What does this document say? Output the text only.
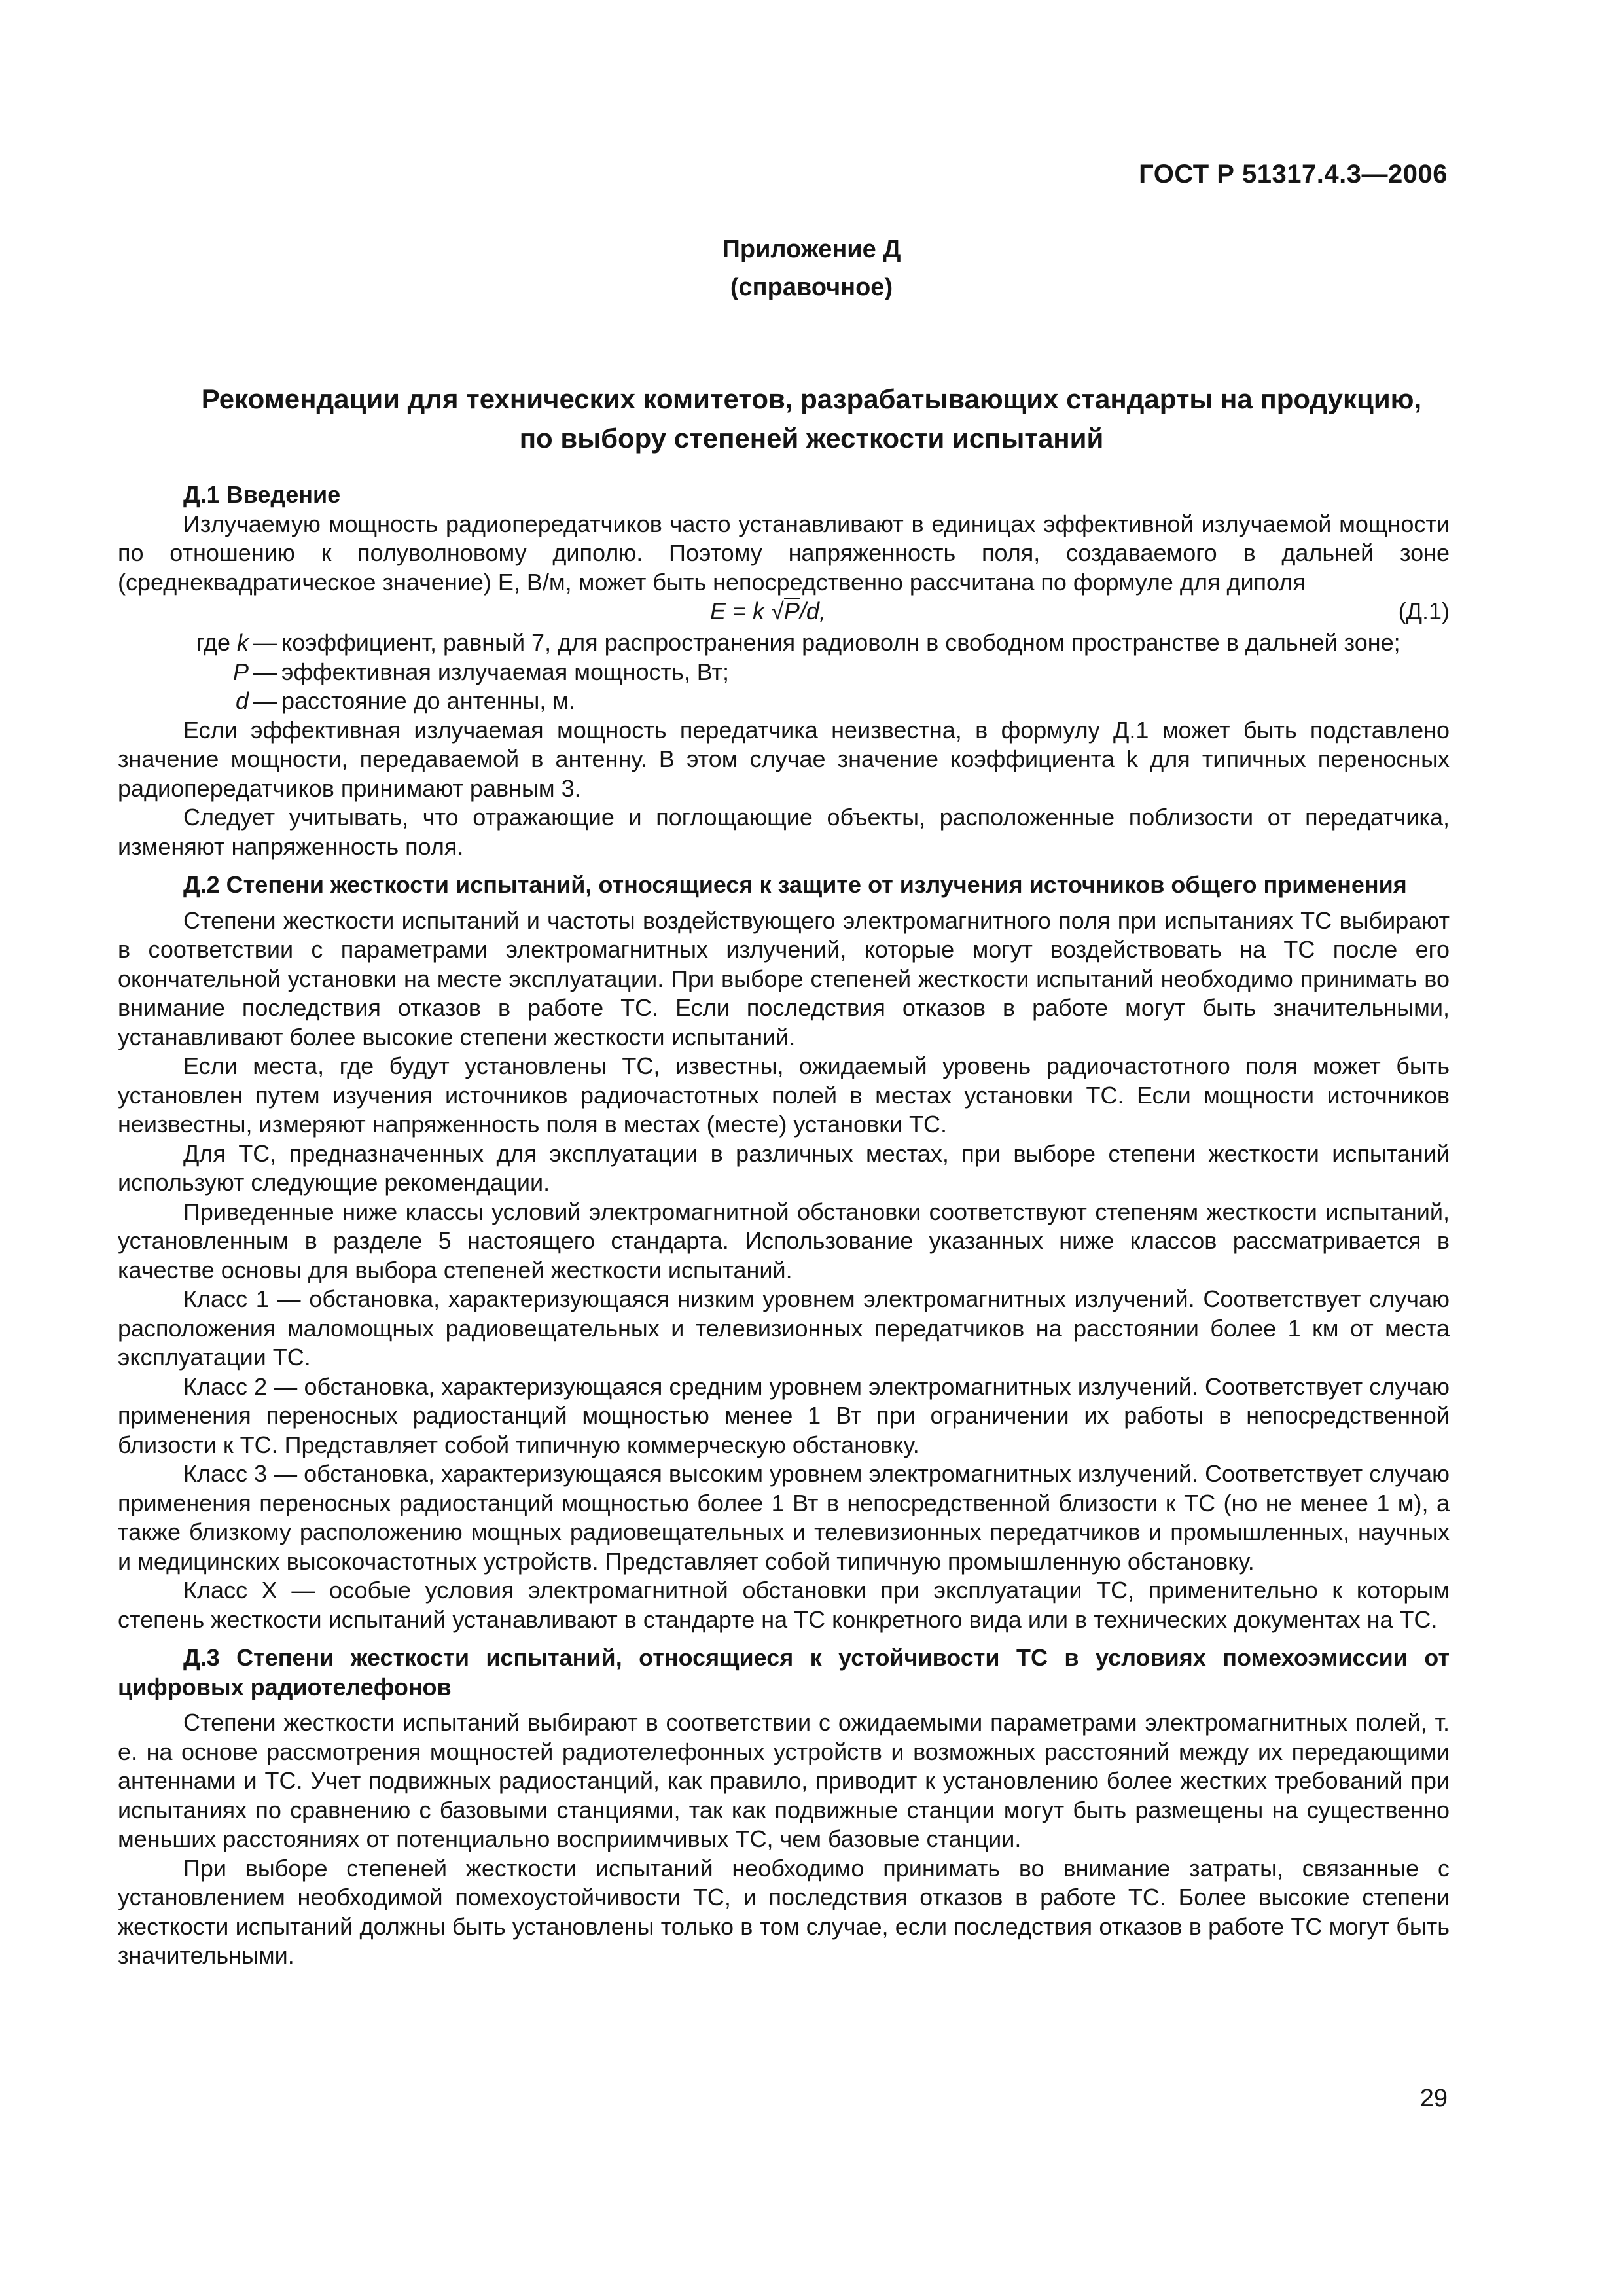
ГОСТ Р 51317.4.3—2006
Приложение Д
(справочное)
Рекомендации для технических комитетов, разрабатывающих стандарты на продукцию,
по выбору степеней жесткости испытаний
Д.1 Введение

Излучаемую мощность радиопередатчиков часто устанавливают в единицах эффективной излучаемой мощности по отношению к полуволновому диполю. Поэтому напряженность поля, создаваемого в дальней зоне (среднеквадратическое значение) E, В/м, может быть непосредственно рассчитана по формуле для диполя

E = k √P/d,	(Д.1)
где k — коэффициент, равный 7, для распространения радиоволн в свободном пространстве в дальней зоне;
P — эффективная излучаемая мощность, Вт;
d — расстояние до антенны, м.

Если эффективная излучаемая мощность передатчика неизвестна, в формулу Д.1 может быть подставлено значение мощности, передаваемой в антенну. В этом случае значение коэффициента k для типичных переносных радиопередатчиков принимают равным 3.

Следует учитывать, что отражающие и поглощающие объекты, расположенные поблизости от передатчика, изменяют напряженность поля.

Д.2 Степени жесткости испытаний, относящиеся к защите от излучения источников общего применения

Степени жесткости испытаний и частоты воздействующего электромагнитного поля при испытаниях ТС выбирают в соответствии с параметрами электромагнитных излучений, которые могут воздействовать на ТС после его окончательной установки на месте эксплуатации. При выборе степеней жесткости испытаний необходимо принимать во внимание последствия отказов в работе ТС. Если последствия отказов в работе могут быть значительными, устанавливают более высокие степени жесткости испытаний.

Если места, где будут установлены ТС, известны, ожидаемый уровень радиочастотного поля может быть установлен путем изучения источников радиочастотных полей в местах установки ТС. Если мощности источников неизвестны, измеряют напряженность поля в местах (месте) установки ТС.

Для ТС, предназначенных для эксплуатации в различных местах, при выборе степени жесткости испытаний используют следующие рекомендации.

Приведенные ниже классы условий электромагнитной обстановки соответствуют степеням жесткости испытаний, установленным в разделе 5 настоящего стандарта. Использование указанных ниже классов рассматривается в качестве основы для выбора степеней жесткости испытаний.

Класс 1 — обстановка, характеризующаяся низким уровнем электромагнитных излучений. Соответствует случаю расположения маломощных радиовещательных и телевизионных передатчиков на расстоянии более 1 км от места эксплуатации ТС.

Класс 2 — обстановка, характеризующаяся средним уровнем электромагнитных излучений. Соответствует случаю применения переносных радиостанций мощностью менее 1 Вт при ограничении их работы в непосредственной близости к ТС. Представляет собой типичную коммерческую обстановку.

Класс 3 — обстановка, характеризующаяся высоким уровнем электромагнитных излучений. Соответствует случаю применения переносных радиостанций мощностью более 1 Вт в непосредственной близости к ТС (но не менее 1 м), а также близкому расположению мощных радиовещательных и телевизионных передатчиков и промышленных, научных и медицинских высокочастотных устройств. Представляет собой типичную промышленную обстановку.

Класс X — особые условия электромагнитной обстановки при эксплуатации ТС, применительно к которым степень жесткости испытаний устанавливают в стандарте на ТС конкретного вида или в технических документах на ТС.

Д.3 Степени жесткости испытаний, относящиеся к устойчивости ТС в условиях помехоэмиссии от цифровых радиотелефонов

Степени жесткости испытаний выбирают в соответствии с ожидаемыми параметрами электромагнитных полей, т. е. на основе рассмотрения мощностей радиотелефонных устройств и возможных расстояний между их передающими антеннами и ТС. Учет подвижных радиостанций, как правило, приводит к установлению более жестких требований при испытаниях по сравнению с базовыми станциями, так как подвижные станции могут быть размещены на существенно меньших расстояниях от потенциально восприимчивых ТС, чем базовые станции.

При выборе степеней жесткости испытаний необходимо принимать во внимание затраты, связанные с установлением необходимой помехоустойчивости ТС, и последствия отказов в работе ТС. Более высокие степени жесткости испытаний должны быть установлены только в том случае, если последствия отказов в работе ТС могут быть значительными.

29
